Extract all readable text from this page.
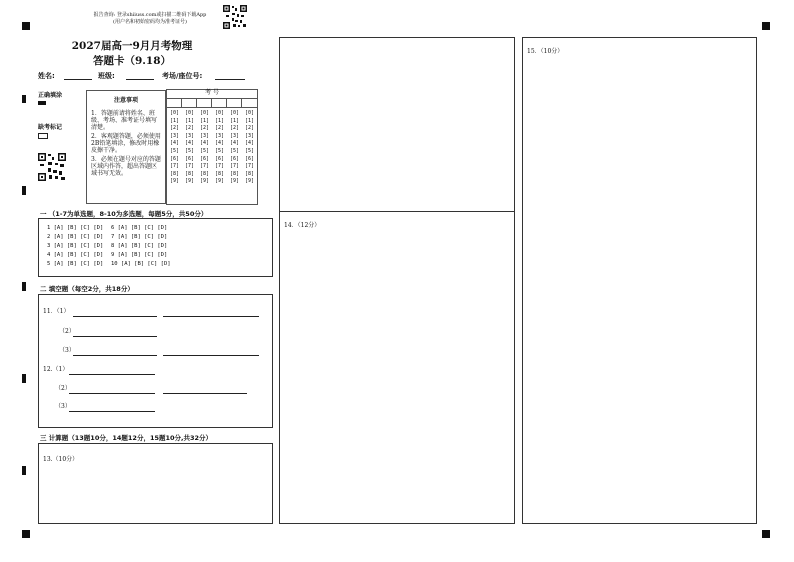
报告查询: 登录shiiuss.com或扫描二维码下载App
(用户名和初始密码均为准考证号)
2027届高一9月月考物理
答题卡（9.18）
姓名:	班级:	考场/座位号:
正确填涂
缺考标记
注意事项
1．答题前请将姓名、班级、考场、准考证号填写清楚。
2．客观题答题，必须使用2B铅笔填涂，修改时用橡皮擦干净。
3．必须在题号对应的答题区域内作答，超出答题区域书写无效。
考 号
[0]
[1]
[2]
[3]
[4]
[5]
[6]
[7]
[8]
[9]
[0]
[1]
[2]
[3]
[4]
[5]
[6]
[7]
[8]
[9]
[0]
[1]
[2]
[3]
[4]
[5]
[6]
[7]
[8]
[9]
[0]
[1]
[2]
[3]
[4]
[5]
[6]
[7]
[8]
[9]
[0]
[1]
[2]
[3]
[4]
[5]
[6]
[7]
[8]
[9]
[0]
[1]
[2]
[3]
[4]
[5]
[6]
[7]
[8]
[9]
一 （1-7为单选题，8-10为多选题，每题5分，共50分）
1 [A] [B] [C] [D]
2 [A] [B] [C] [D]
3 [A] [B] [C] [D]
4 [A] [B] [C] [D]
5 [A] [B] [C] [D]
6 [A] [B] [C] [D]
7 [A] [B] [C] [D]
8 [A] [B] [C] [D]
9 [A] [B] [C] [D]
10 [A] [B] [C] [D]
二 填空题（每空2分，共18分）
11．（1）
（2）
（3）
12.（1）
（2）
（3）
三 计算题（13题10分，14题12分，15题10分,共32分）
13.（10分）
14．（12分）
15．（10分）
